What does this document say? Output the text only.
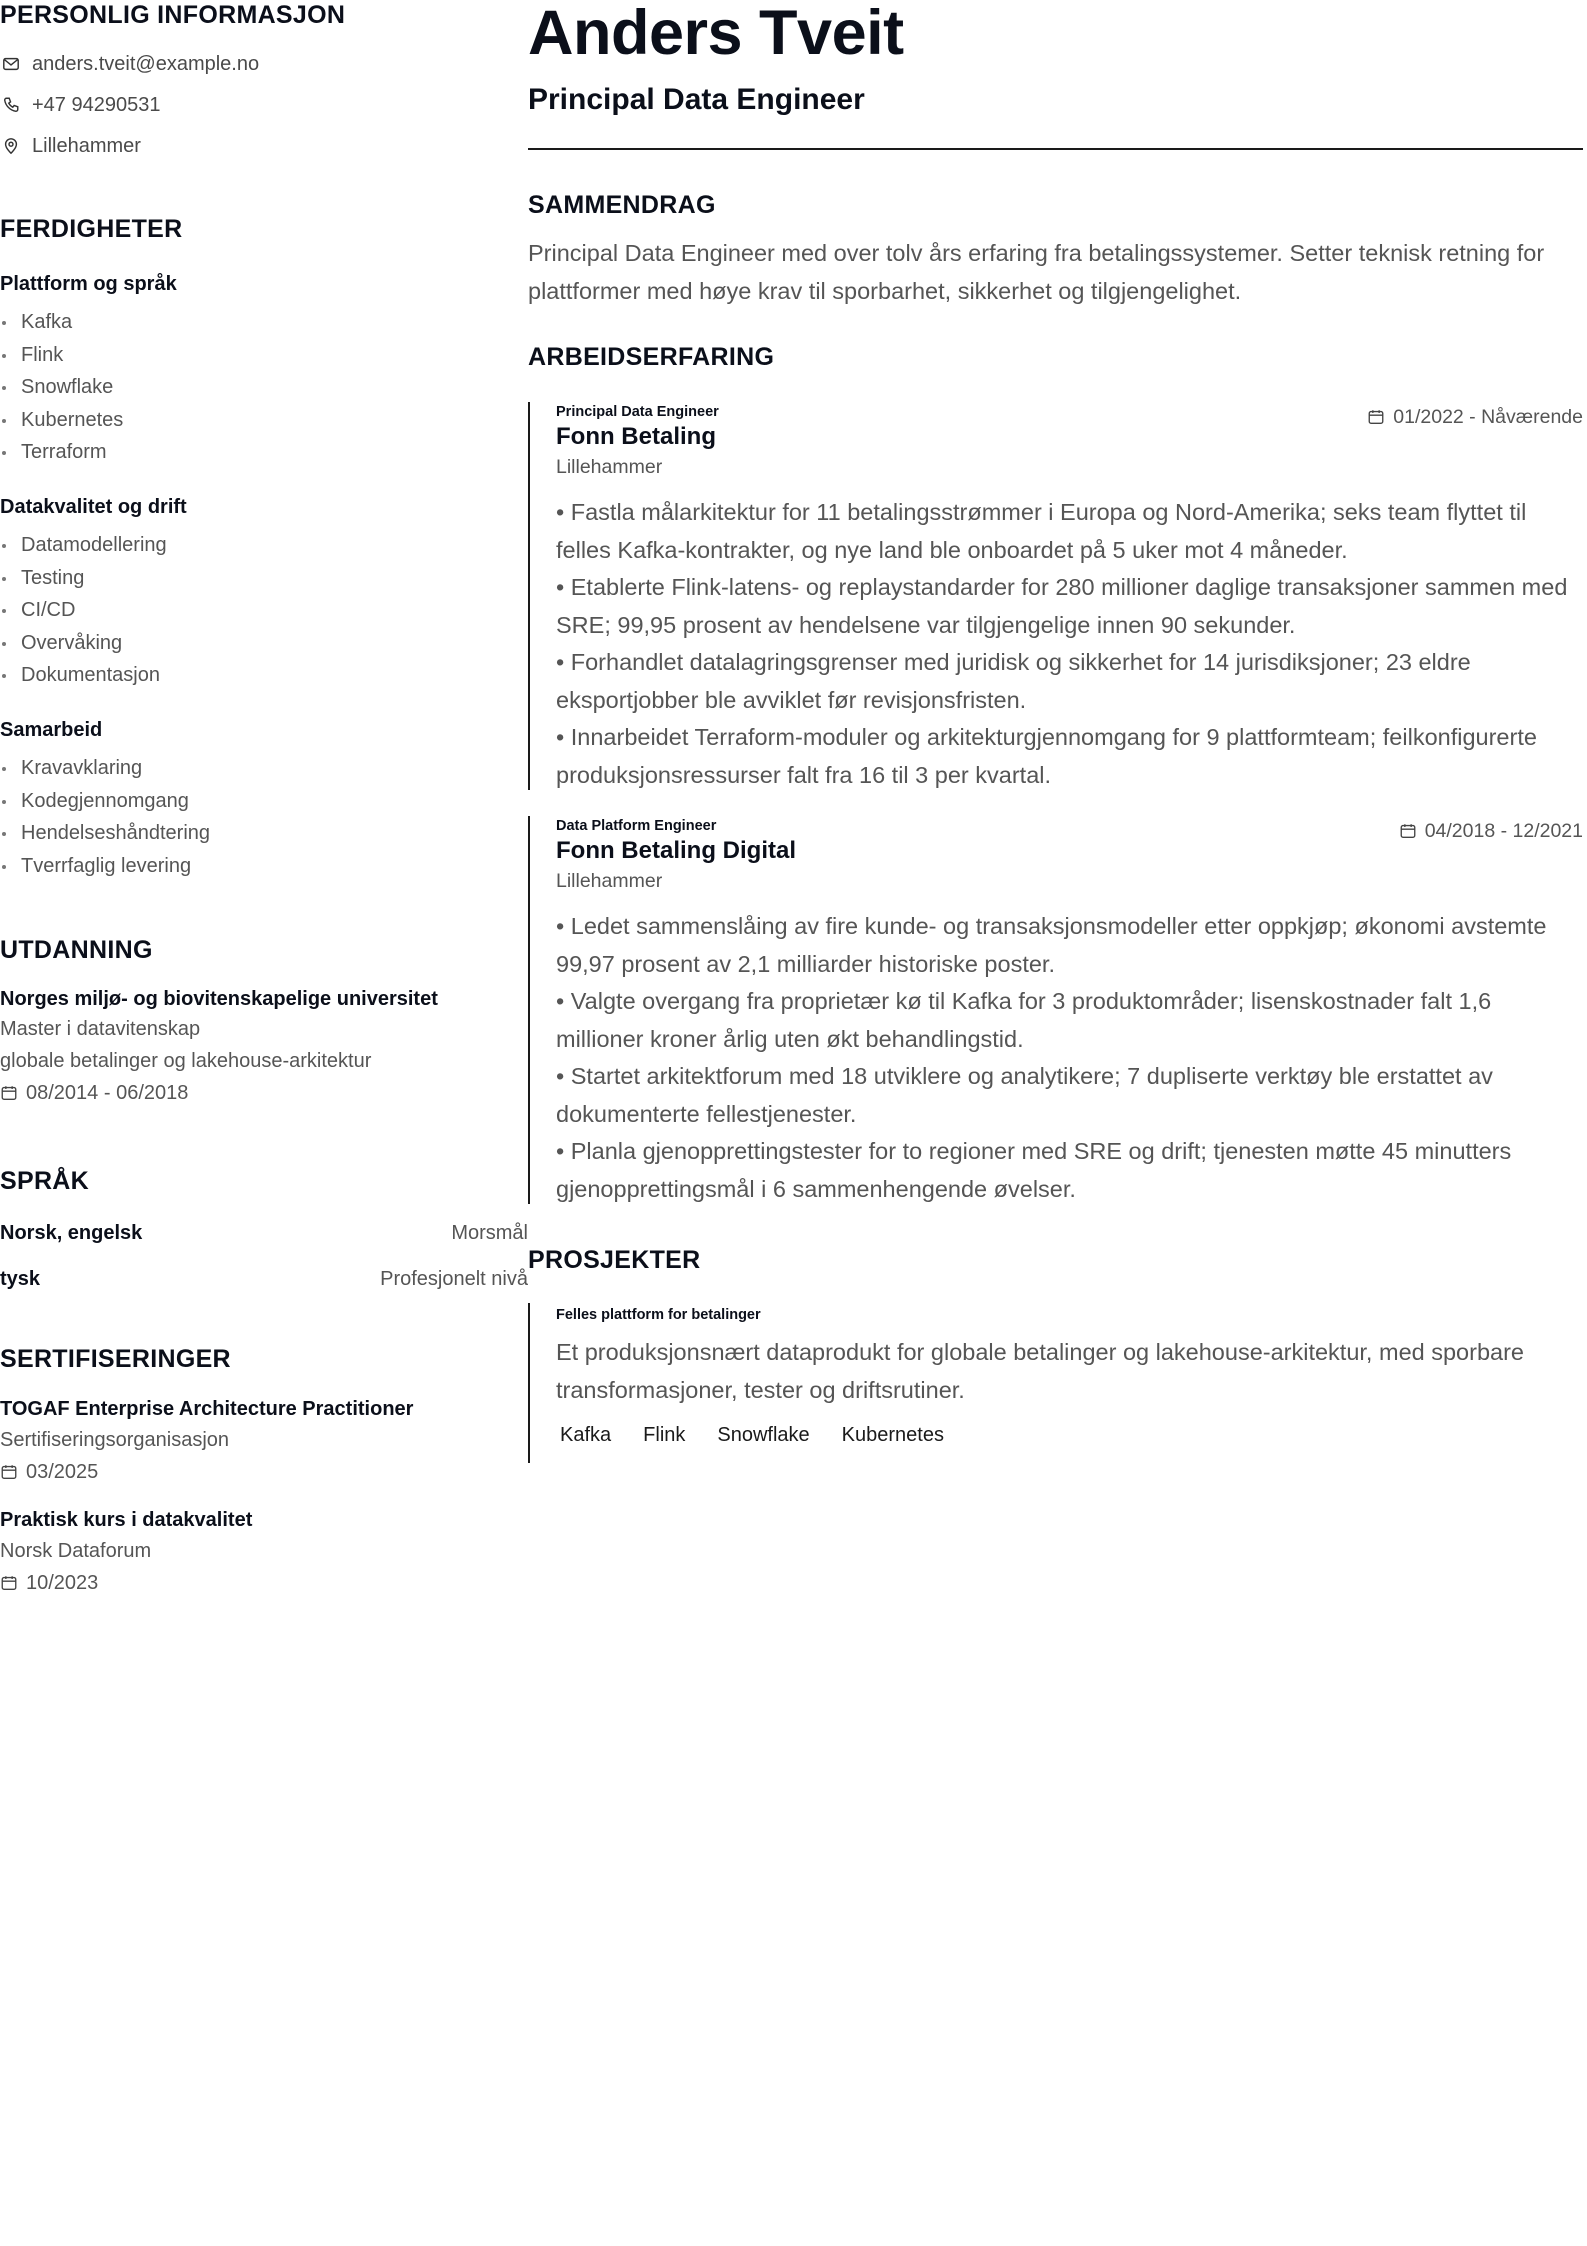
PERSONLIG INFORMASJON
anders.tveit@example.no
+47 94290531
Lillehammer
FERDIGHETER
Plattform og språk
Kafka
Flink
Snowflake
Kubernetes
Terraform
Datakvalitet og drift
Datamodellering
Testing
CI/CD
Overvåking
Dokumentasjon
Samarbeid
Kravavklaring
Kodegjennomgang
Hendelseshåndtering
Tverrfaglig levering
UTDANNING
Norges miljø- og biovitenskapelige universitet
Master i datavitenskap
globale betalinger og lakehouse-arkitektur
08/2014 - 06/2018
SPRÅK
Norsk, engelsk	Morsmål
tysk	Profesjonelt nivå
SERTIFISERINGER
TOGAF Enterprise Architecture Practitioner
Sertifiseringsorganisasjon
03/2025
Praktisk kurs i datakvalitet
Norsk Dataforum
10/2023
Anders Tveit
Principal Data Engineer
SAMMENDRAG

Principal Data Engineer med over tolv års erfaring fra betalingssystemer. Setter teknisk retning for plattformer med høye krav til sporbarhet, sikkerhet og tilgjengelighet.

ARBEIDSERFARING
Principal Data Engineer
Fonn Betaling
Lillehammer
01/2022 - Nåværende
• Fastla målarkitektur for 11 betalingsstrømmer i Europa og Nord-Amerika; seks team flyttet til felles Kafka-kontrakter, og nye land ble onboardet på 5 uker mot 4 måneder.
• Etablerte Flink-latens- og replaystandarder for 280 millioner daglige transaksjoner sammen med SRE; 99,95 prosent av hendelsene var tilgjengelige innen 90 sekunder.
• Forhandlet datalagringsgrenser med juridisk og sikkerhet for 14 jurisdiksjoner; 23 eldre eksportjobber ble avviklet før revisjonsfristen.
• Innarbeidet Terraform-moduler og arkitekturgjennomgang for 9 plattformteam; feilkonfigurerte produksjonsressurser falt fra 16 til 3 per kvartal.
Data Platform Engineer
Fonn Betaling Digital
Lillehammer
04/2018 - 12/2021
• Ledet sammenslåing av fire kunde- og transaksjonsmodeller etter oppkjøp; økonomi avstemte 99,97 prosent av 2,1 milliarder historiske poster.
• Valgte overgang fra proprietær kø til Kafka for 3 produktområder; lisenskostnader falt 1,6 millioner kroner årlig uten økt behandlingstid.
• Startet arkitektforum med 18 utviklere og analytikere; 7 dupliserte verktøy ble erstattet av dokumenterte fellestjenester.
• Planla gjenopprettingstester for to regioner med SRE og drift; tjenesten møtte 45 minutters gjenopprettingsmål i 6 sammenhengende øvelser.
PROSJEKTER
Felles plattform for betalinger

Et produksjonsnært dataprodukt for globale betalinger og lakehouse-arkitektur, med sporbare transformasjoner, tester og driftsrutiner.

Kafka	Flink	Snowflake	Kubernetes
